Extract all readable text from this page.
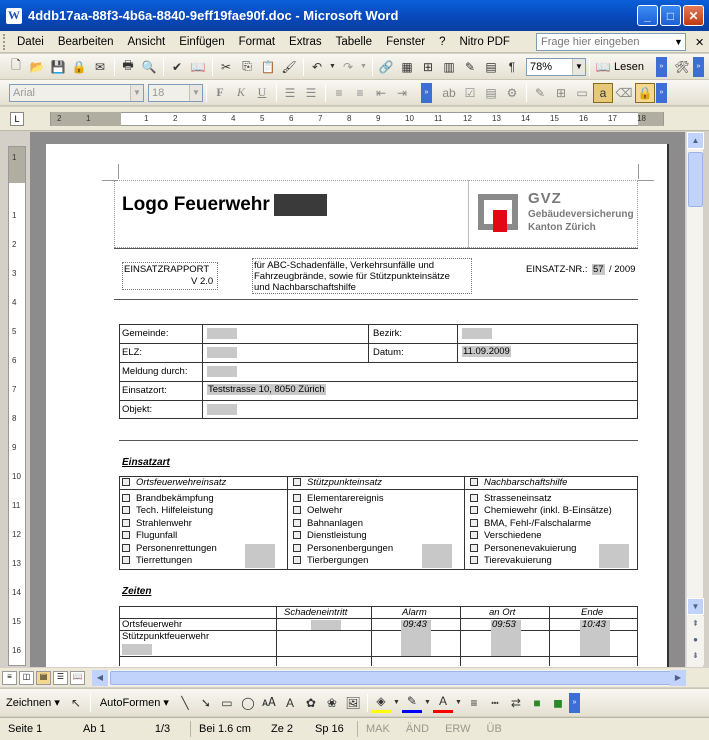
W 4ddb17aa-88f3-4b6a-8840-9eff19fae90f.doc - Microsoft Word	_	□	✕
Datei	Bearbeiten	Ansicht	Einfügen	Format	Extras	Tabelle	Fenster	?	Nitro PDF	Frage hier eingeben	▼ ✕
🗋 📂 💾 🔒 ✉	🖶 🔍	✔ 📖	✂ ⎘ 📋 🖌	↶	▼ ↷	▼ 🔗 ▦ ⊞ ▥ ✎ ▤	¶	78%	▼ 📖 Lesen	» 🛠 »
Arial	▼ 18	▼	F	K	U	☰ ☰	≡	≡	⇤ ⇥	» ab ☑ ▤ ⚙	✎ ⊞ ▭ a ⌫ 🔒	»
L	2	1	1	2	3	4	5	6	7	8	9	10	11	12	13	14	15	16	17	18
1
1
2
3
4
5
6
7
8
9
10
11
12
13
14
15
16
Logo Feuerwehr	GVZ
Gebäudeversicherung
Kanton Zürich
EINSATZRAPPORT
V 2.0
für ABC-Schadenfälle, Verkehrsunfälle und
Fahrzeugbrände, sowie für Stützpunkteinsätze
und Nachbarschaftshilfe
EINSATZ-NR.: 57 / 2009
Gemeinde:	Bezirk:
ELZ:	Datum:	11.09.2009
Meldung durch:
Einsatzort:	Teststrasse 10, 8050 Zürich
Objekt:
Einsatzart
Ortsfeuerwehreinsatz
Brandbekämpfung
Tech. Hilfeleistung
Strahlenwehr
Flugunfall
Personenrettungen
Tierrettungen
Stützpunkteinsatz
Elementarereignis
Oelwehr
Bahnanlagen
Dienstleistung
Personenbergungen
Tierbergungen
Nachbarschaftshilfe
Strasseneinsatz
Chemiewehr (inkl. B-Einsätze)
BMA, Fehl-/Falschalarme
Verschiedene
Personenevakuierung
Tierevakuierung
Zeiten
Schadeneintritt	Alarm	an Ort	Ende
Ortsfeuerwehr	09:43	09:53	10:43
Stützpunktfeuerwehr
▲
▼
⇞
●
⇟
≡	◫	▤	☰	📖	◀	▶
Zeichnen ▾ ↖	AutoFormen ▾	╲	➘ ▭ ◯ 🗚 A ✿ ❀ 🖼	◈	▼ ✎	▼ A	▼ ≡	┅	⇄	■	◼	»
Seite 1	Ab 1	1/3	Bei 1.6 cm	Ze 2	Sp 16	MAK	ÄND	ERW	ÜB
